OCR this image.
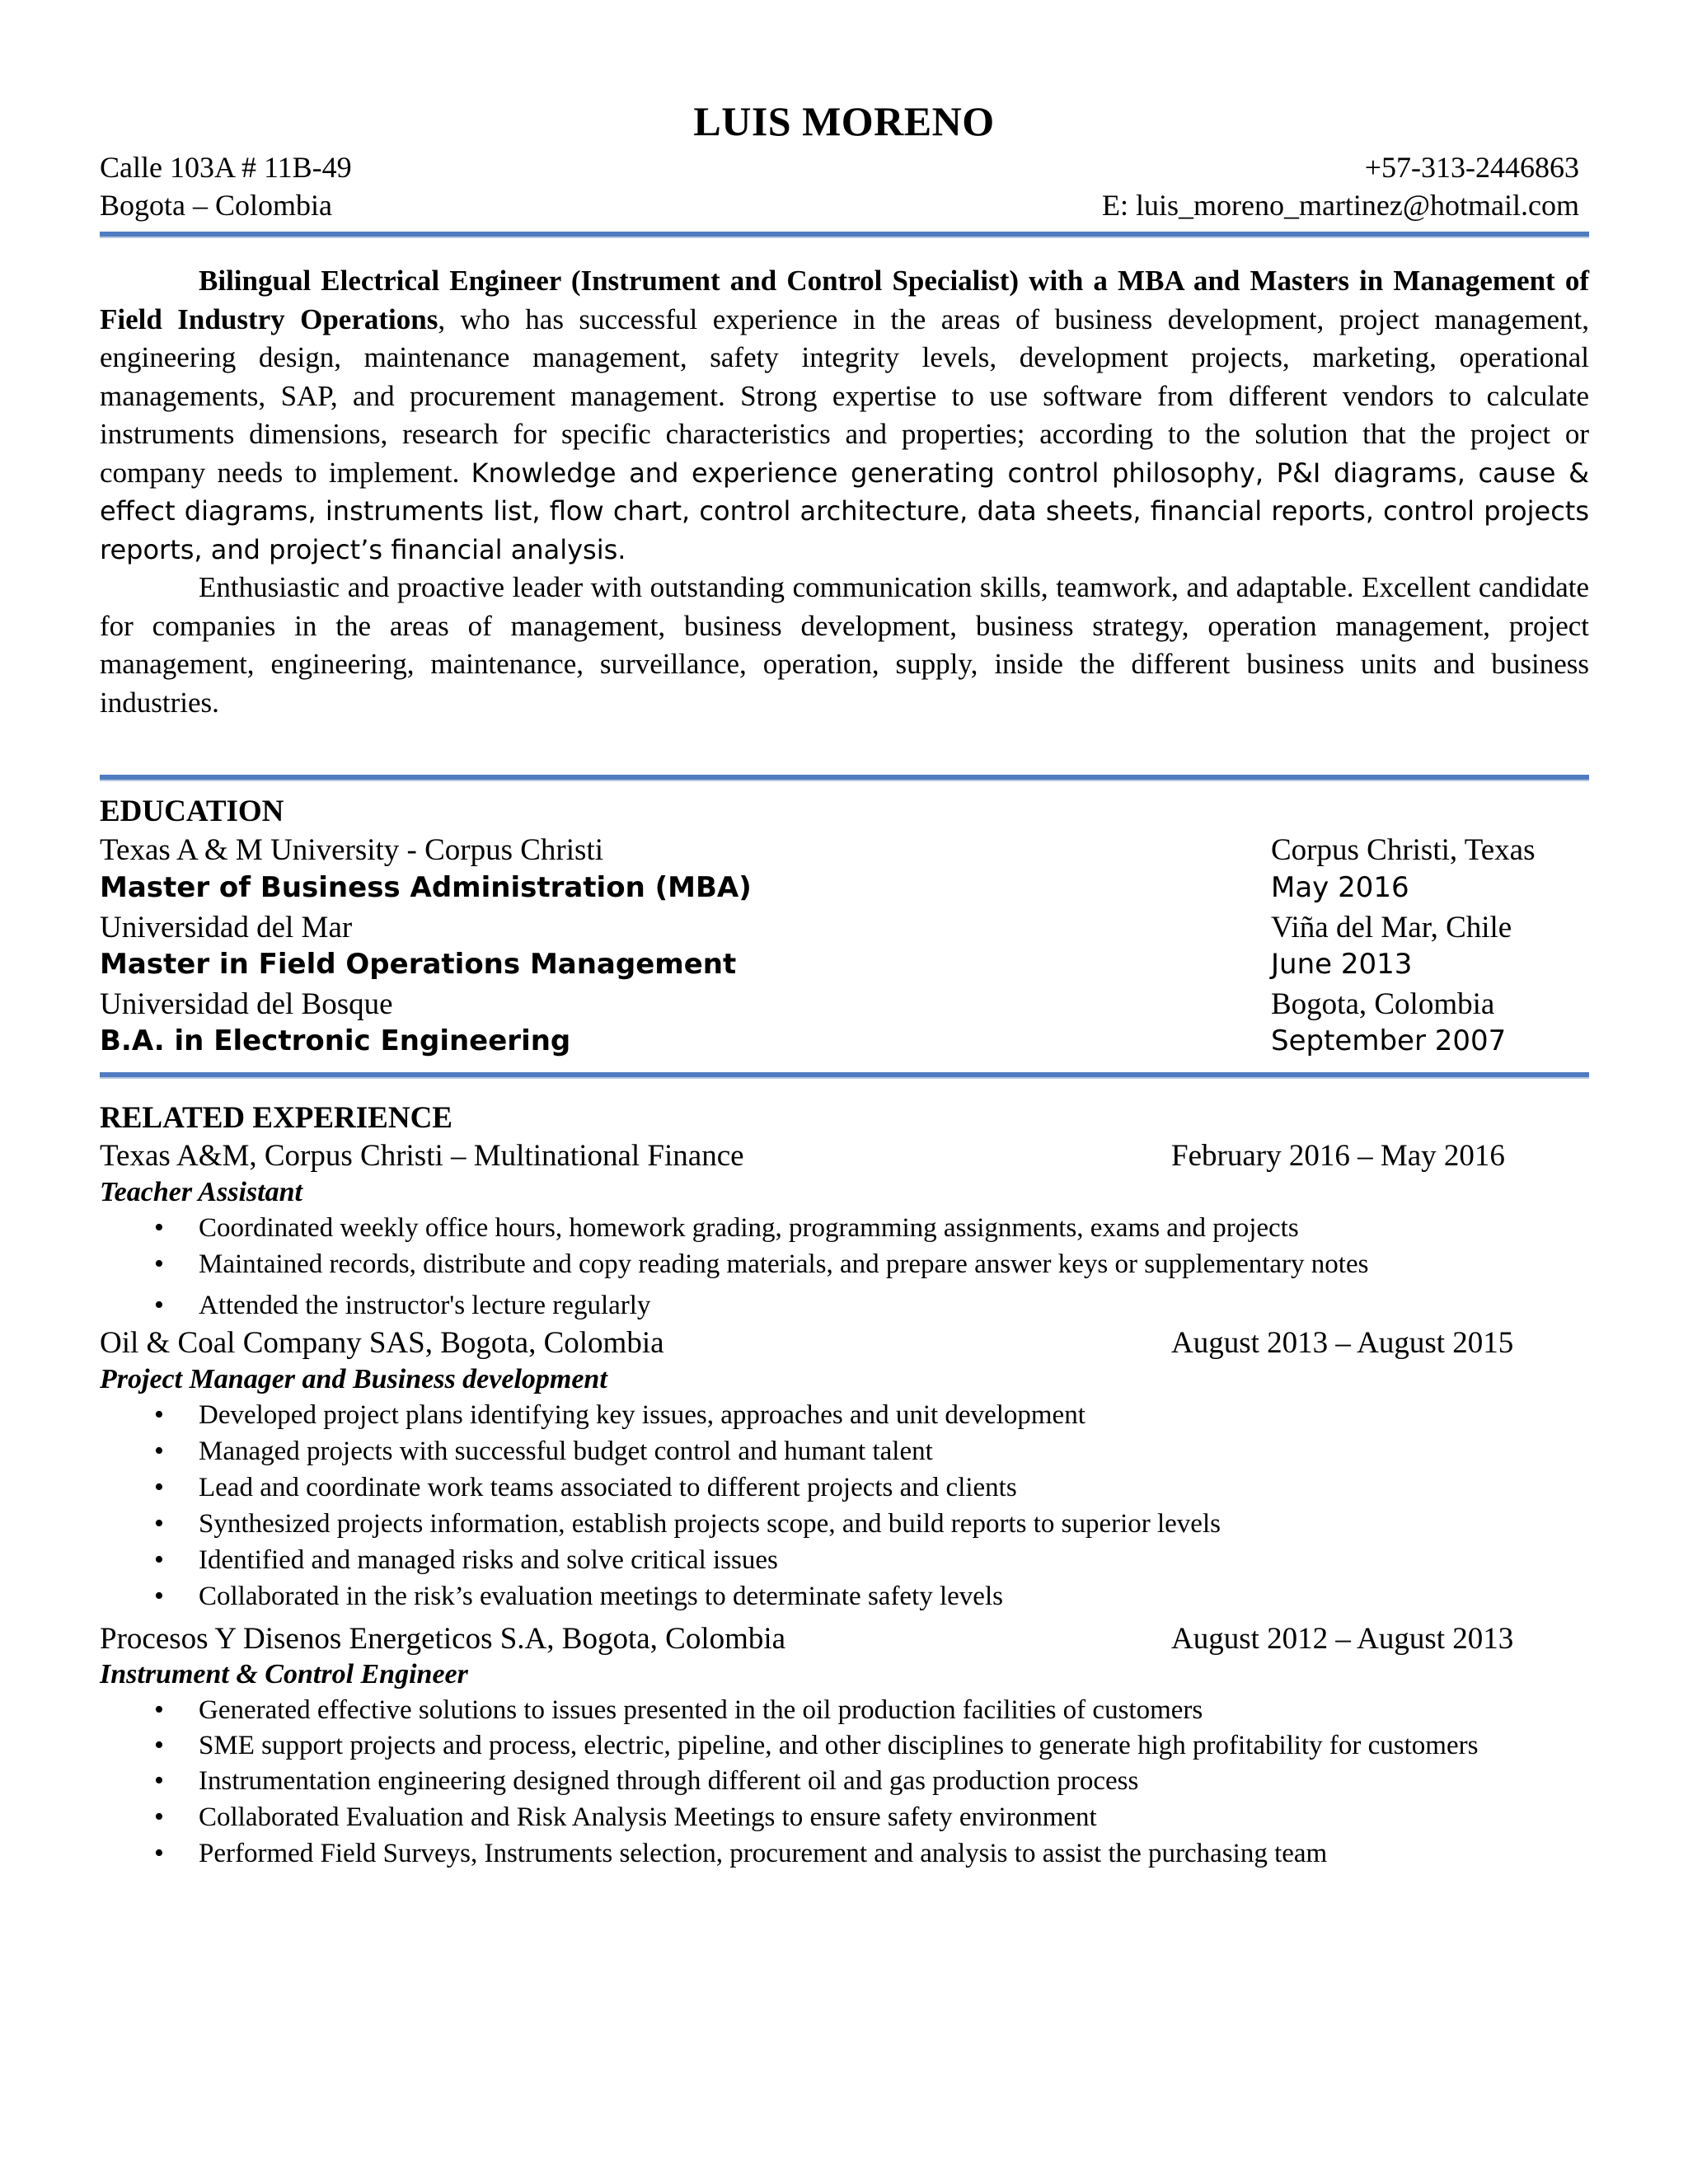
LUIS MORENO
Calle 103A # 11B-49	+57-313-2446863
Bogota – Colombia	E: luis_moreno_martinez@hotmail.com

Bilingual Electrical Engineer (Instrument and Control Specialist) with a MBA and Masters in Management of Field Industry Operations, who has successful experience in the areas of business development, project management, engineering design, maintenance management, safety integrity levels, development projects, marketing, operational managements, SAP, and procurement management. Strong expertise to use software from different vendors to calculate instruments dimensions, research for specific characteristics and properties; according to the solution that the project or company needs to implement. Knowledge and experience generating control philosophy, P&I diagrams, cause & effect diagrams, instruments list, flow chart, control architecture, data sheets, financial reports, control projects reports, and project’s financial analysis.

Enthusiastic and proactive leader with outstanding communication skills, teamwork, and adaptable. Excellent candidate for companies in the areas of management, business development, business strategy, operation management, project management, engineering, maintenance, surveillance, operation, supply, inside the different business units and business industries.

EDUCATION
Texas A & M University - Corpus Christi	Corpus Christi, Texas
Master of Business Administration (MBA)	May 2016
Universidad del Mar	Viña del Mar, Chile
Master in Field Operations Management	June 2013
Universidad del Bosque	Bogota, Colombia
B.A. in Electronic Engineering	September 2007
RELATED EXPERIENCE
Texas A&M, Corpus Christi – Multinational Finance	February 2016 – May 2016
Teacher Assistant
• Coordinated weekly office hours, homework grading, programming assignments, exams and projects
• Maintained records, distribute and copy reading materials, and prepare answer keys or supplementary notes
• Attended the instructor's lecture regularly
Oil & Coal Company SAS, Bogota, Colombia	August 2013 – August 2015
Project Manager and Business development
• Developed project plans identifying key issues, approaches and unit development
• Managed projects with successful budget control and humant talent
• Lead and coordinate work teams associated to different projects and clients
• Synthesized projects information, establish projects scope, and build reports to superior levels
• Identified and managed risks and solve critical issues
• Collaborated in the risk’s evaluation meetings to determinate safety levels
Procesos Y Disenos Energeticos S.A, Bogota, Colombia	August 2012 – August 2013
Instrument & Control Engineer
• Generated effective solutions to issues presented in the oil production facilities of customers
• SME support projects and process, electric, pipeline, and other disciplines to generate high profitability for customers
• Instrumentation engineering designed through different oil and gas production process
• Collaborated Evaluation and Risk Analysis Meetings to ensure safety environment
• Performed Field Surveys, Instruments selection, procurement and analysis to assist the purchasing team
